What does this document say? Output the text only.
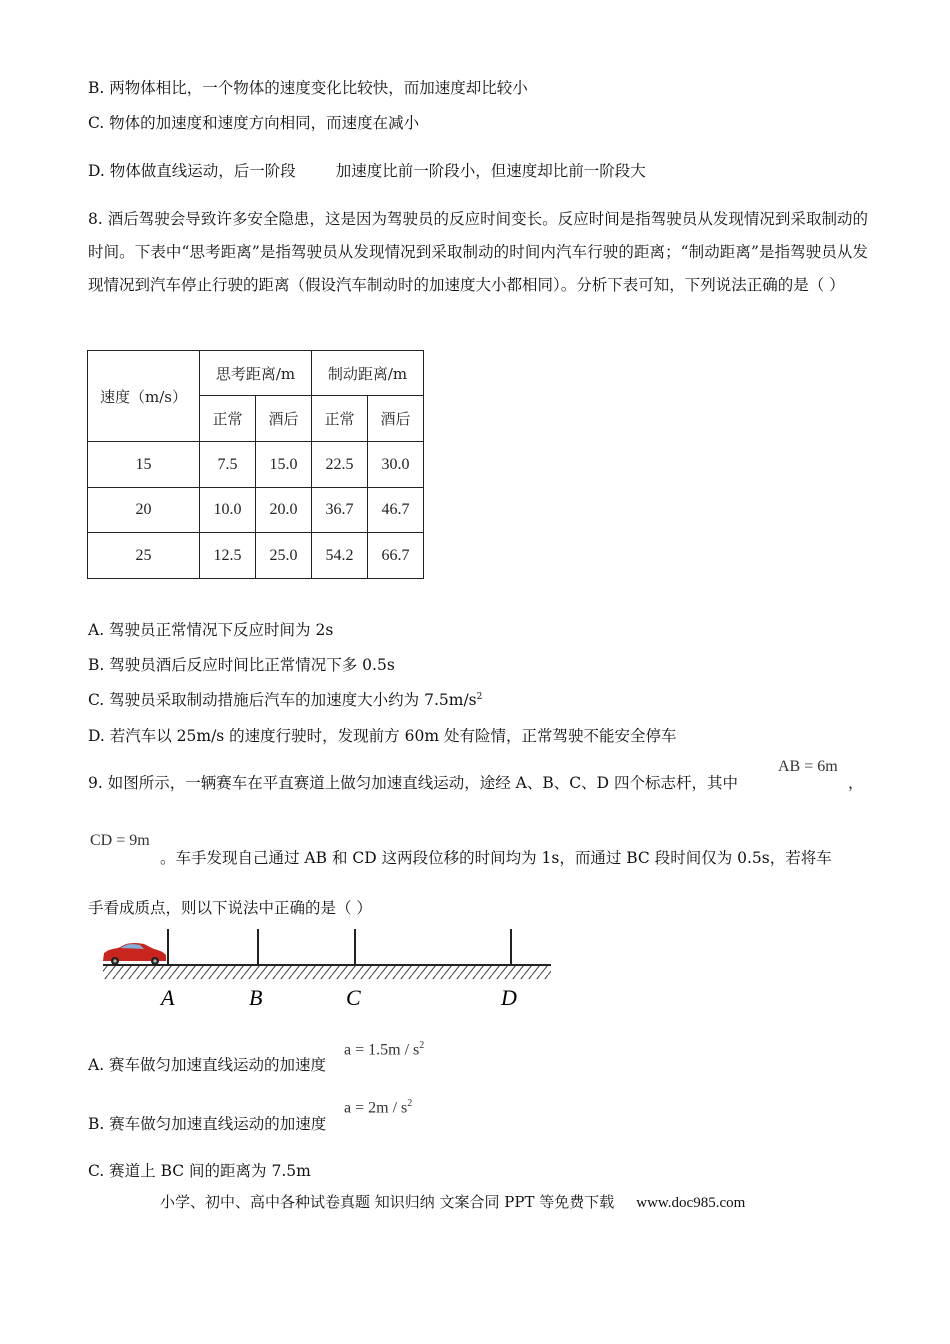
B. 两物体相比，一个物体的速度变化比较快，而加速度却比较小
C. 物体的加速度和速度方向相同，而速度在减小
D. 物体做直线运动，后一阶段	加速度比前一阶段小，但速度却比前一阶段大
8. 酒后驾驶会导致许多安全隐患，这是因为驾驶员的反应时间变长。反应时间是指驾驶员从发现情况到采取制动的时间。下表中“思考距离”是指驾驶员从发现情况到采取制动的时间内汽车行驶的距离；“制动距离”是指驾驶员从发现情况到汽车停止行驶的距离（假设汽车制动时的加速度大小都相同）。分析下表可知，下列说法正确的是（ ）
速度（m/s）	思考距离/m		制动距离/m	
	正常	酒后	正常	酒后
15	7.5	15.0	22.5	30.0
20	10.0	20.0	36.7	46.7
25	12.5	25.0	54.2	66.7
A. 驾驶员正常情况下反应时间为 2s
B. 驾驶员酒后反应时间比正常情况下多 0.5s
C. 驾驶员采取制动措施后汽车的加速度大小约为 $7.5m/s^2$
D. 若汽车以 25m/s 的速度行驶时，发现前方 60m 处有险情，正常驾驶不能安全停车
9. 如图所示，一辆赛车在平直赛道上做匀加速直线运动，途经 A、B、C、D 四个标志杆，其中
AB = 6m
，
CD = 9m
。车手发现自己通过 AB 和 CD 这两段位移的时间均为 1s，而通过 BC 段时间仅为 0.5s，若将车
手看成质点，则以下说法中正确的是（ ）
A	B	C	D
A. 赛车做匀加速直线运动的加速度
$a = 1.5m / s^2$
B. 赛车做匀加速直线运动的加速度
$a = 2m / s^2$
C. 赛道上 BC 间的距离为 7.5m
小学、初中、高中各种试卷真题 知识归纳 文案合同 PPT 等免费下载 www.doc985.com
